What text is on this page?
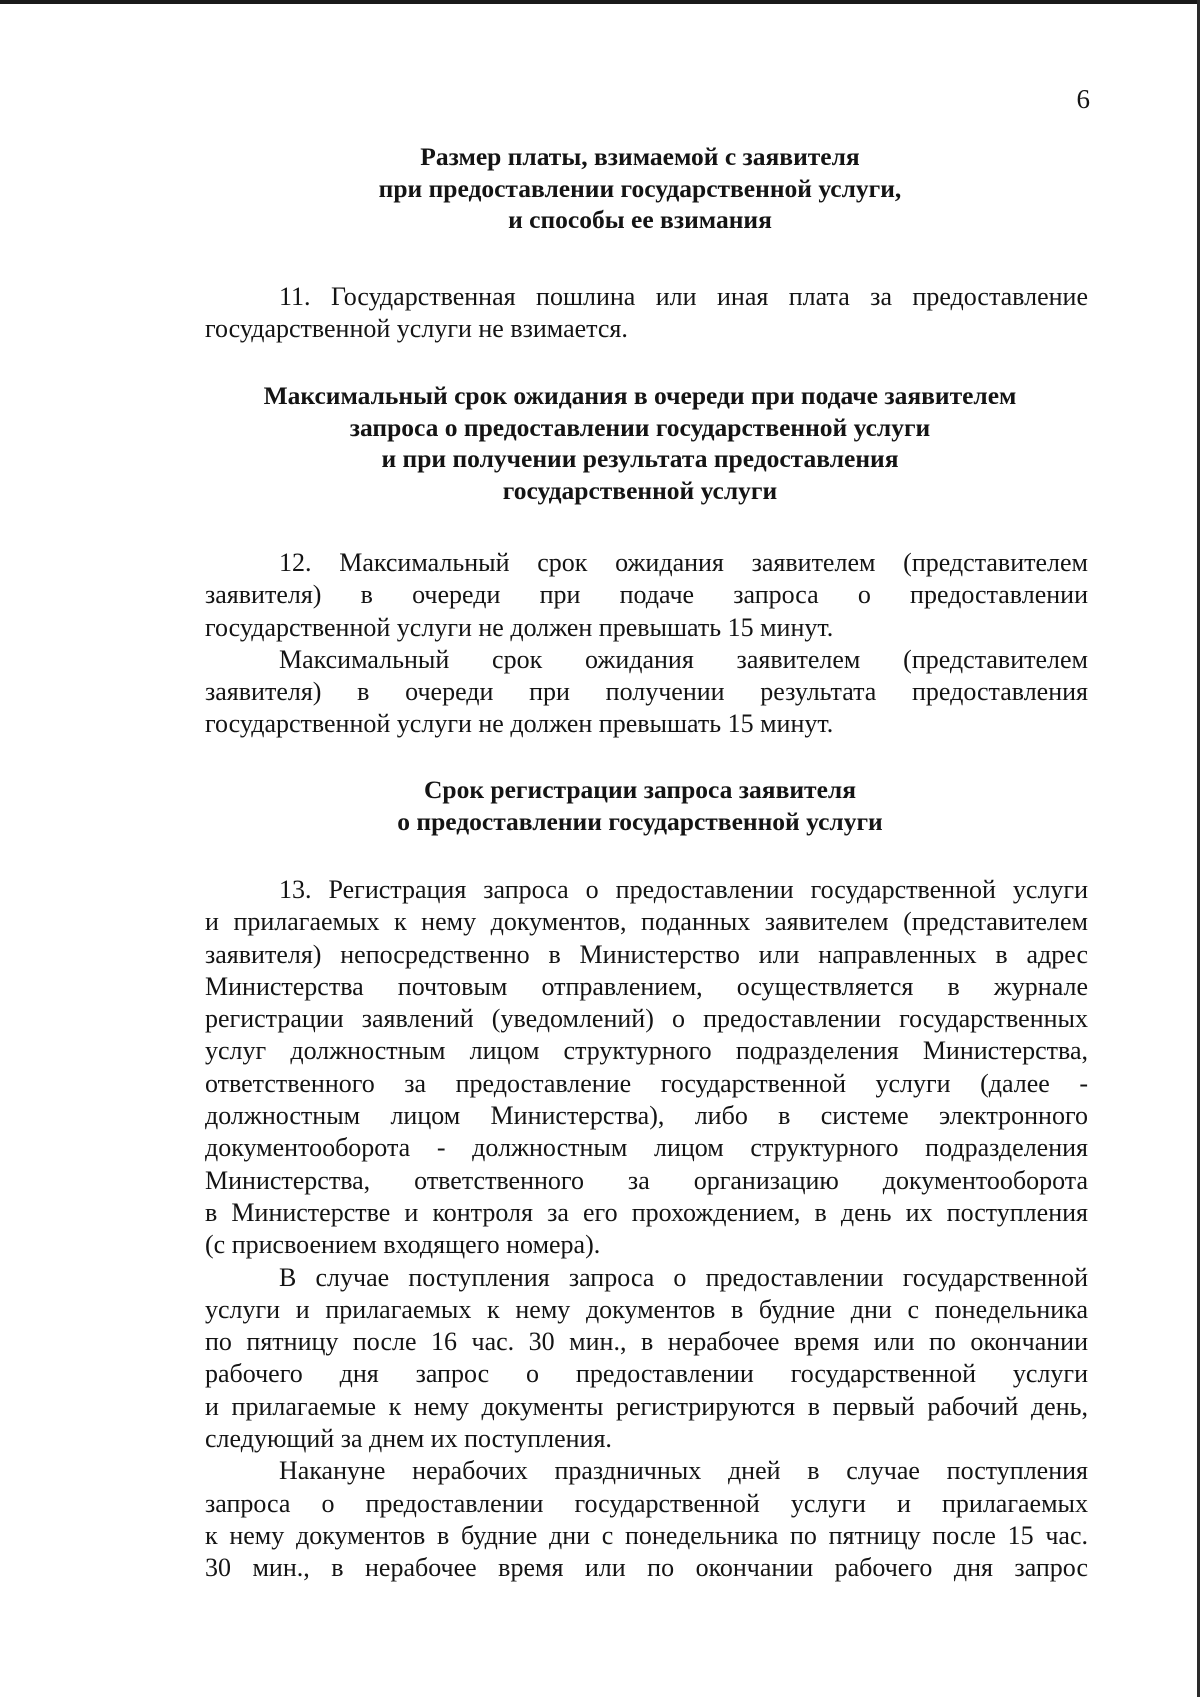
6
Размер платы, взимаемой с заявителя
при предоставлении государственной услуги,
и способы ее взимания
11. Государственная пошлина или иная плата за предоставление
государственной услуги не взимается.
Максимальный срок ожидания в очереди при подаче заявителем
запроса о предоставлении государственной услуги
и при получении результата предоставления
государственной услуги
12. Максимальный срок ожидания заявителем (представителем
заявителя) в очереди при подаче запроса о предоставлении
государственной услуги не должен превышать 15 минут.
Максимальный срок ожидания заявителем (представителем
заявителя) в очереди при получении результата предоставления
государственной услуги не должен превышать 15 минут.
Срок регистрации запроса заявителя
о предоставлении государственной услуги
13. Регистрация запроса о предоставлении государственной услуги
и прилагаемых к нему документов, поданных заявителем (представителем
заявителя) непосредственно в Министерство или направленных в адрес
Министерства почтовым отправлением, осуществляется в журнале
регистрации заявлений (уведомлений) о предоставлении государственных
услуг должностным лицом структурного подразделения Министерства,
ответственного за предоставление государственной услуги (далее -
должностным лицом Министерства), либо в системе электронного
документооборота - должностным лицом структурного подразделения
Министерства, ответственного за организацию документооборота
в Министерстве и контроля за его прохождением, в день их поступления
(с присвоением входящего номера).
В случае поступления запроса о предоставлении государственной
услуги и прилагаемых к нему документов в будние дни с понедельника
по пятницу после 16 час. 30 мин., в нерабочее время или по окончании
рабочего дня запрос о предоставлении государственной услуги
и прилагаемые к нему документы регистрируются в первый рабочий день,
следующий за днем их поступления.
Накануне нерабочих праздничных дней в случае поступления
запроса о предоставлении государственной услуги и прилагаемых
к нему документов в будние дни с понедельника по пятницу после 15 час.
30 мин., в нерабочее время или по окончании рабочего дня запрос
